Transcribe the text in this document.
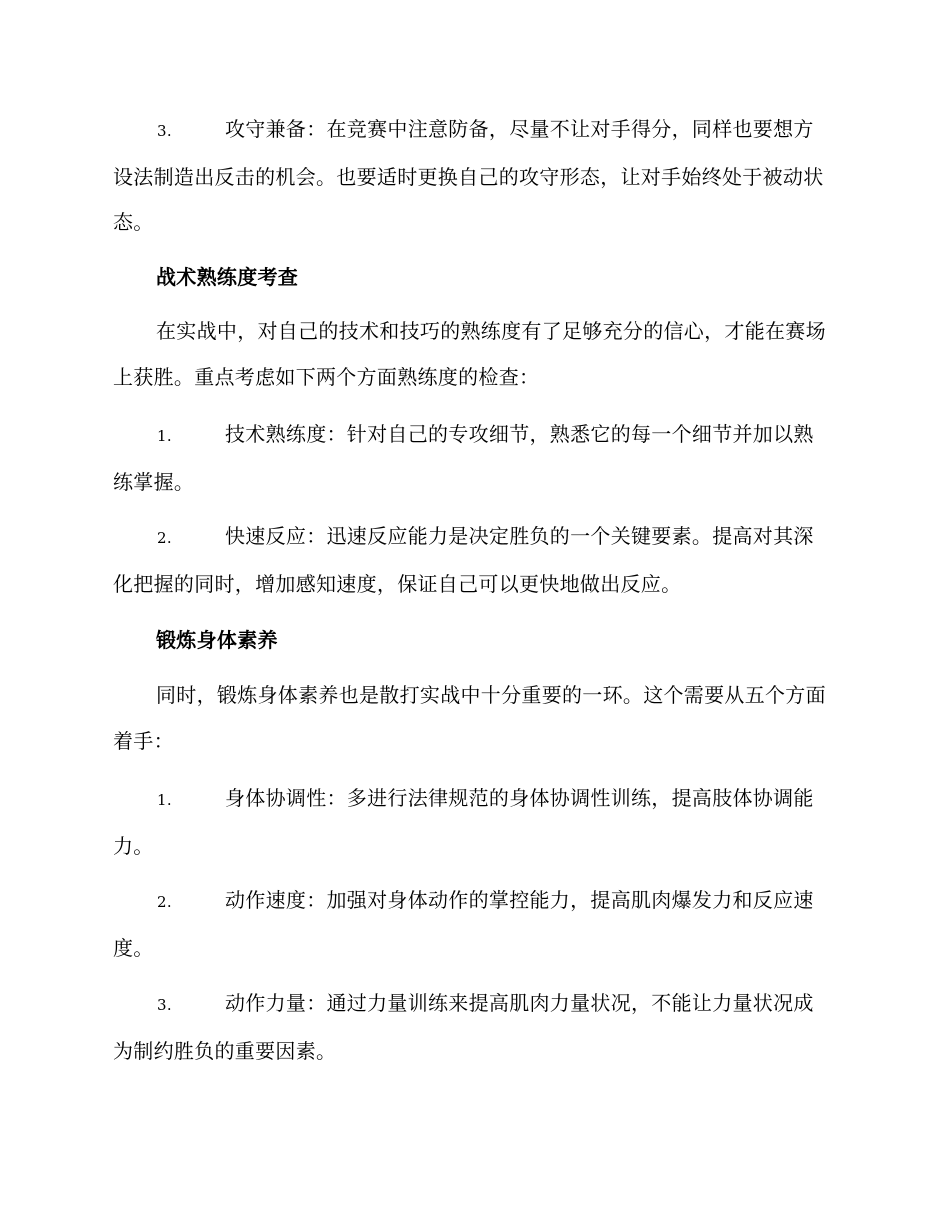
3.	攻守兼备：在竞赛中注意防备，尽量不让对手得分，同样也要想方设法制造出反击的机会。也要适时更换自己的攻守形态，让对手始终处于被动状态。

战术熟练度考查

在实战中，对自己的技术和技巧的熟练度有了足够充分的信心，才能在赛场上获胜。重点考虑如下两个方面熟练度的检查：

1.	技术熟练度：针对自己的专攻细节，熟悉它的每一个细节并加以熟练掌握。

2.	快速反应：迅速反应能力是决定胜负的一个关键要素。提高对其深化把握的同时，增加感知速度，保证自己可以更快地做出反应。

锻炼身体素养

同时，锻炼身体素养也是散打实战中十分重要的一环。这个需要从五个方面着手：

1.	身体协调性：多进行法律规范的身体协调性训练，提高肢体协调能力。

2.	动作速度：加强对身体动作的掌控能力，提高肌肉爆发力和反应速度。

3.	动作力量：通过力量训练来提高肌肉力量状况，不能让力量状况成为制约胜负的重要因素。
